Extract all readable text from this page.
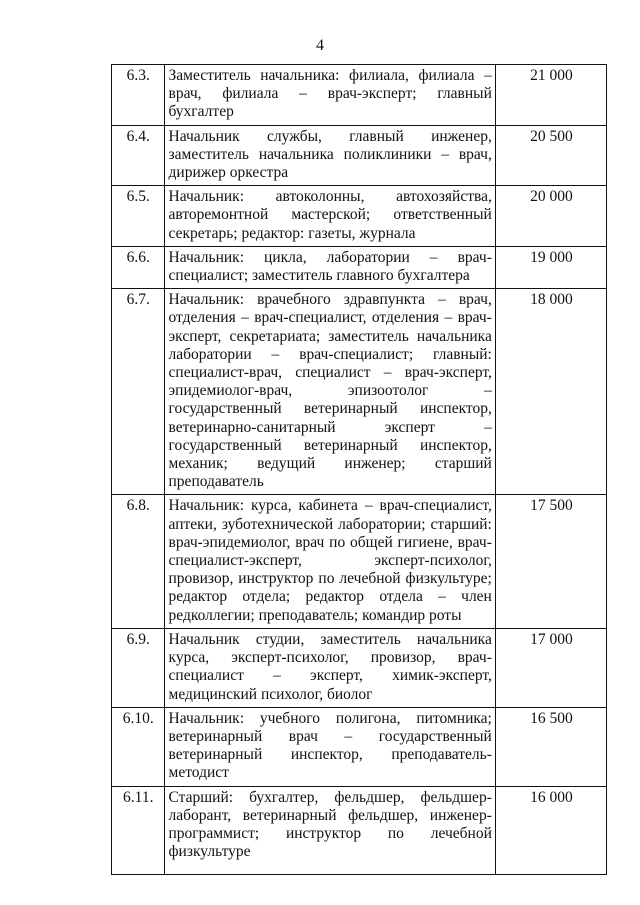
4
6.3.	Заместитель начальника: филиала, филиала – врач, филиала – врач-эксперт; главный бухгалтер	21 000
6.4.	Начальник службы, главный инженер, заместитель начальника поликлиники – врач, дирижер оркестра	20 500
6.5.	Начальник: автоколонны, автохозяйства, авторемонтной мастерской; ответственный секретарь; редактор: газеты, журнала	20 000
6.6.	Начальник: цикла, лаборатории – врач-специалист; заместитель главного бухгалтера	19 000
6.7.	Начальник: врачебного здравпункта – врач, отделения – врач-специалист, отделения – врач-эксперт, секретариата; заместитель начальника лаборатории – врач-специалист; главный: специалист-врач, специалист – врач-эксперт, эпидемиолог-врач, эпизоотолог – государственный ветеринарный инспектор, ветеринарно-санитарный эксперт – государственный ветеринарный инспектор, механик; ведущий инженер; старший преподаватель	18 000
6.8.	Начальник: курса, кабинета – врач-специалист, аптеки, зуботехнической лаборатории; старший: врач-эпидемиолог, врач по общей гигиене, врач-специалист-эксперт, эксперт-психолог, провизор, инструктор по лечебной физкультуре; редактор отдела; редактор отдела – член редколлегии; преподаватель; командир роты	17 500
6.9.	Начальник студии, заместитель начальника курса, эксперт-психолог, провизор, врач-специалист – эксперт, химик-эксперт, медицинский психолог, биолог	17 000
6.10.	Начальник: учебного полигона, питомника; ветеринарный врач – государственный ветеринарный инспектор, преподаватель-методист	16 500
6.11.	Старший: бухгалтер, фельдшер, фельдшер-лаборант, ветеринарный фельдшер, инженер-программист; инструктор по лечебной физкультуре	16 000
